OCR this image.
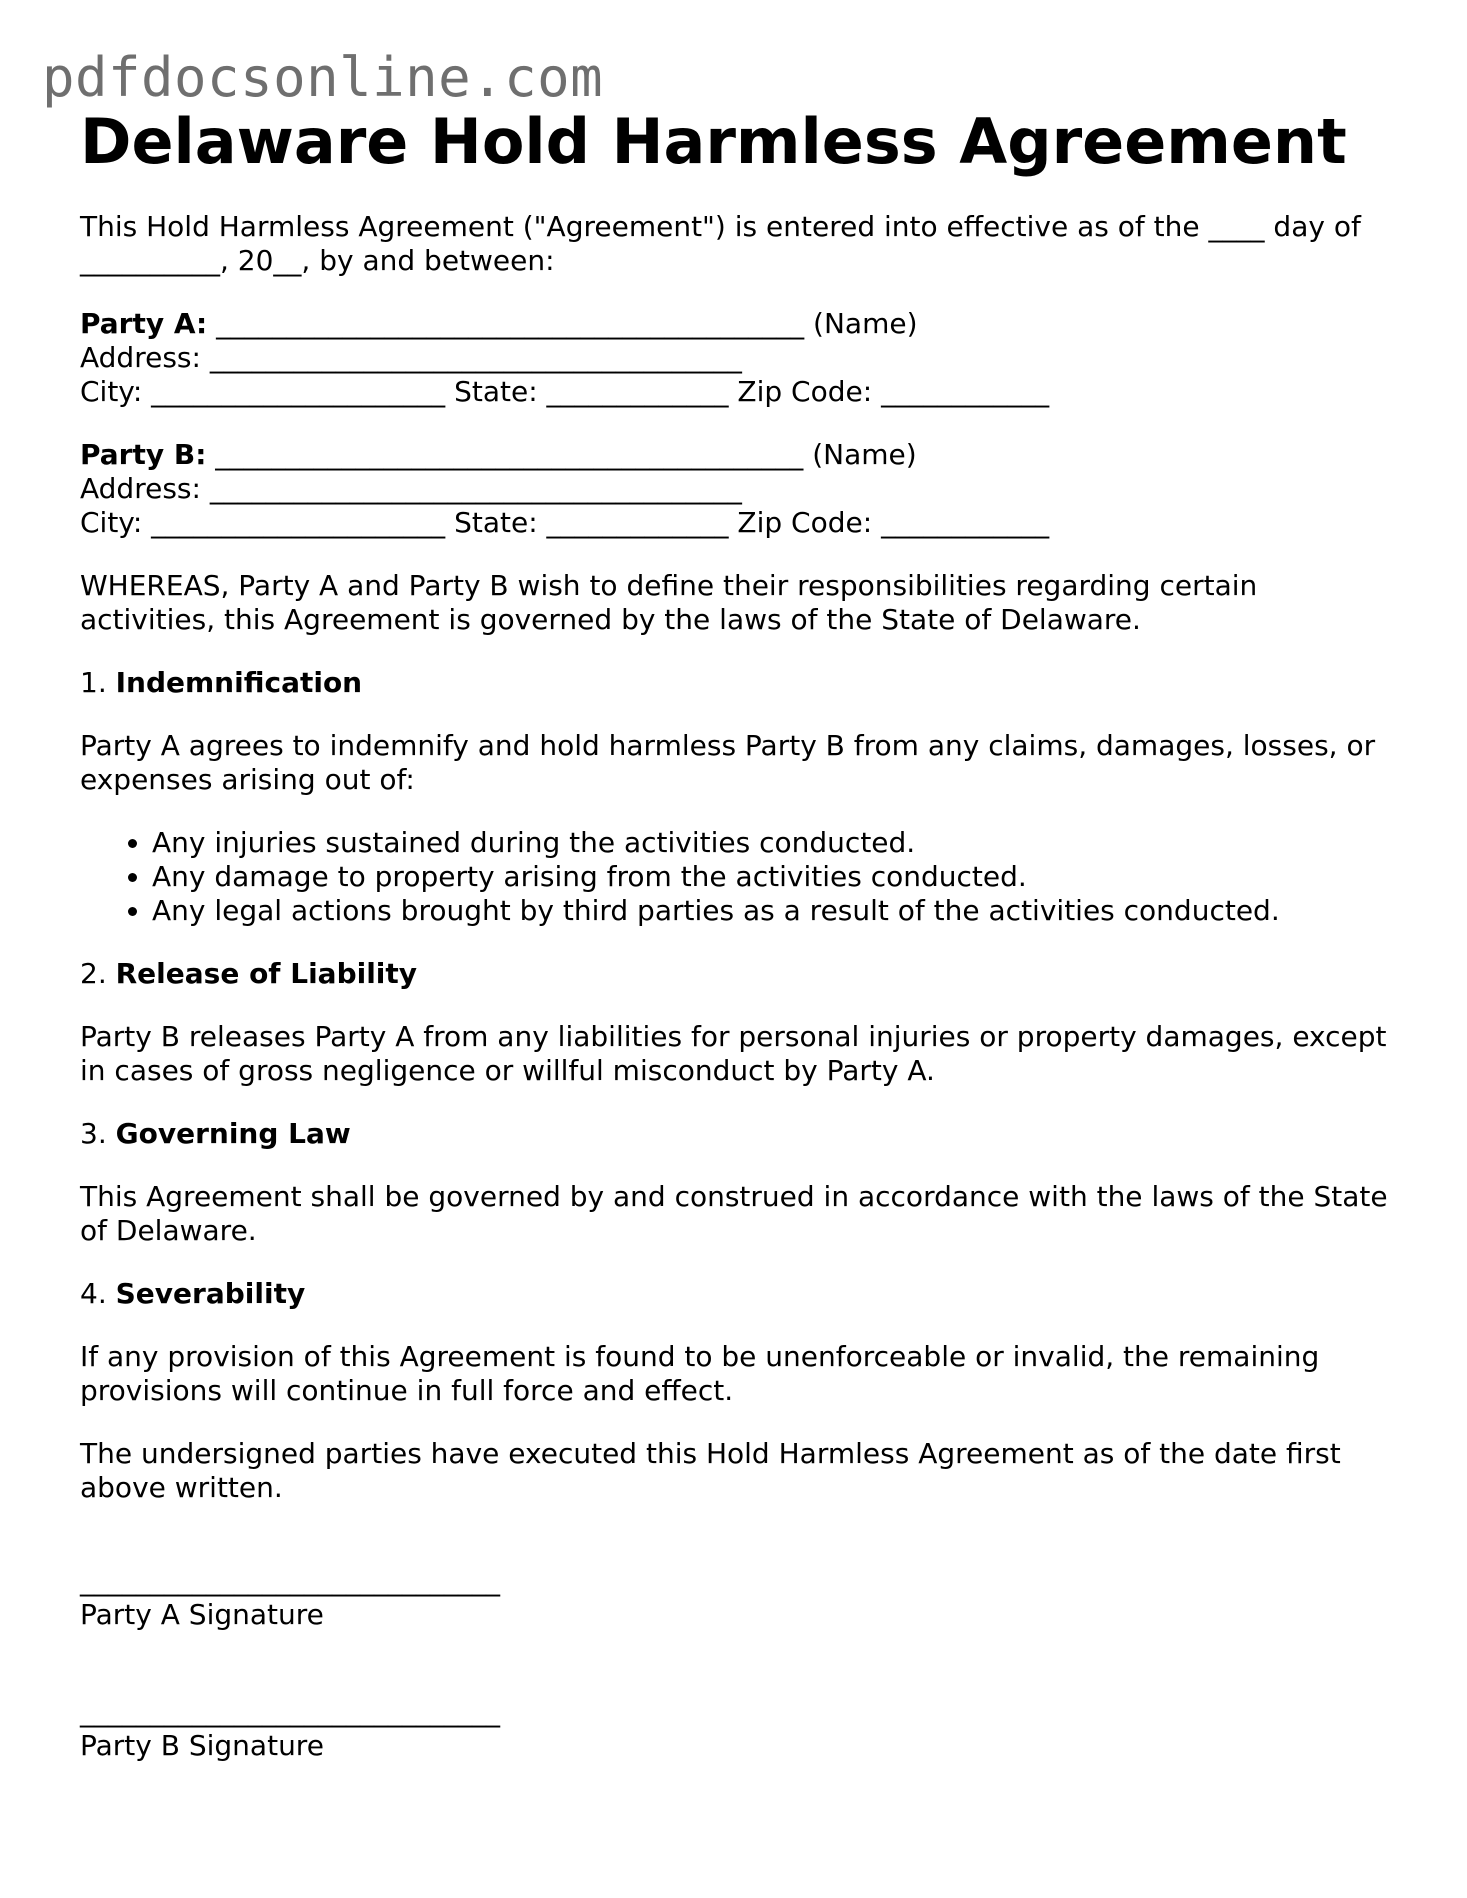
pdfdocsonline.com
Delaware Hold Harmless Agreement

This Hold Harmless Agreement ("Agreement") is entered into effective as of the ____ day of __________, 20__, by and between:

Party A: __________________________________________ (Name)
Address: ______________________________________
City: _____________________ State: _____________ Zip Code: ____________
Party B: __________________________________________ (Name)
Address: ______________________________________
City: _____________________ State: _____________ Zip Code: ____________

WHEREAS, Party A and Party B wish to define their responsibilities regarding certain activities, this Agreement is governed by the laws of the State of Delaware.

1. Indemnification

Party A agrees to indemnify and hold harmless Party B from any claims, damages, losses, or expenses arising out of:

• Any injuries sustained during the activities conducted.
• Any damage to property arising from the activities conducted.
• Any legal actions brought by third parties as a result of the activities conducted.
2. Release of Liability

Party B releases Party A from any liabilities for personal injuries or property damages, except in cases of gross negligence or willful misconduct by Party A.

3. Governing Law

This Agreement shall be governed by and construed in accordance with the laws of the State of Delaware.

4. Severability

If any provision of this Agreement is found to be unenforceable or invalid, the remaining provisions will continue in full force and effect.

The undersigned parties have executed this Hold Harmless Agreement as of the date first above written.

______________________________
Party A Signature
______________________________
Party B Signature
